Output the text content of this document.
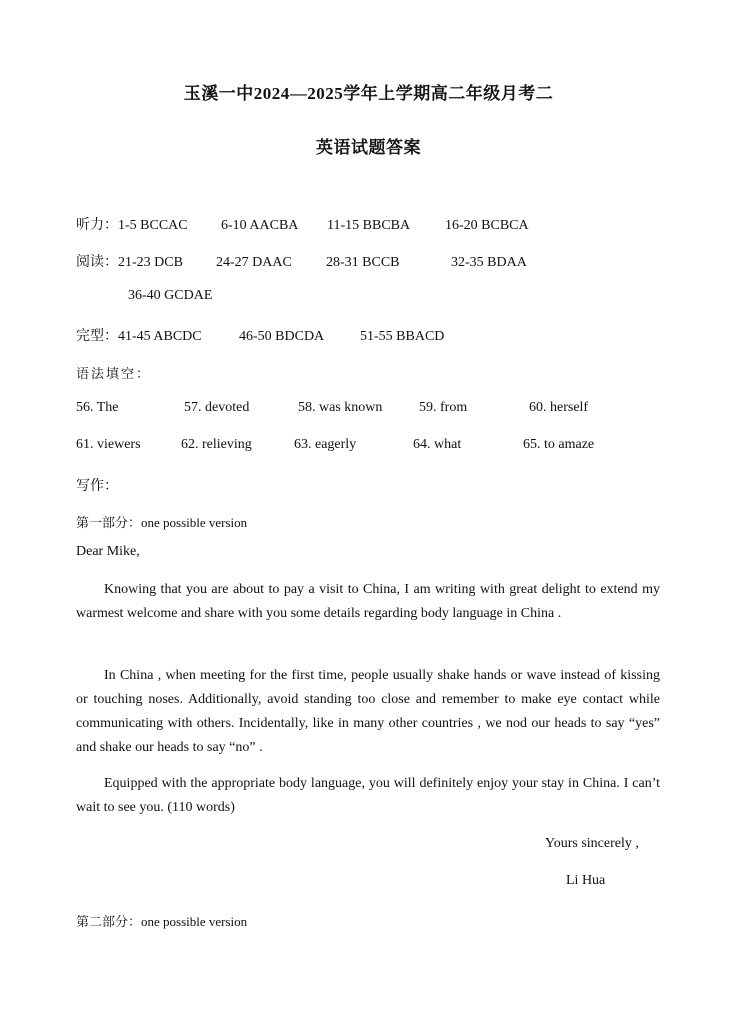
玉溪一中2024—2025学年上学期高二年级月考二
英语试题答案
听力：1-5 BCCAC 6-10 AACBA 11-15 BBCBA 16-20 BCBCA
阅读：21-23 DCB 24-27 DAAC 28-31 BCCB	32-35 BDAA
36-40 GCDAE
完型：41-45 ABCDC	46-50 BDCDA	51-55 BBACD
语法填空：
56. The	57. devoted	58. was known	59. from	60. herself
61. viewers	62. relieving	63. eagerly	64. what	65. to amaze
写作：
第一部分：one possible version
Dear Mike,
Knowing that you are about to pay a visit to China, I am writing with great delight to extend my warmest welcome and share with you some details regarding body language in China .
In China , when meeting for the first time, people usually shake hands or wave instead of kissing or touching noses. Additionally, avoid standing too close and remember to make eye contact while communicating with others. Incidentally, like in many other countries , we nod our heads to say “yes” and shake our heads to say “no” .
Equipped with the appropriate body language, you will definitely enjoy your stay in China. I can’t wait to see you. (110 words)
Yours sincerely ,
Li Hua
第二部分：one possible version
